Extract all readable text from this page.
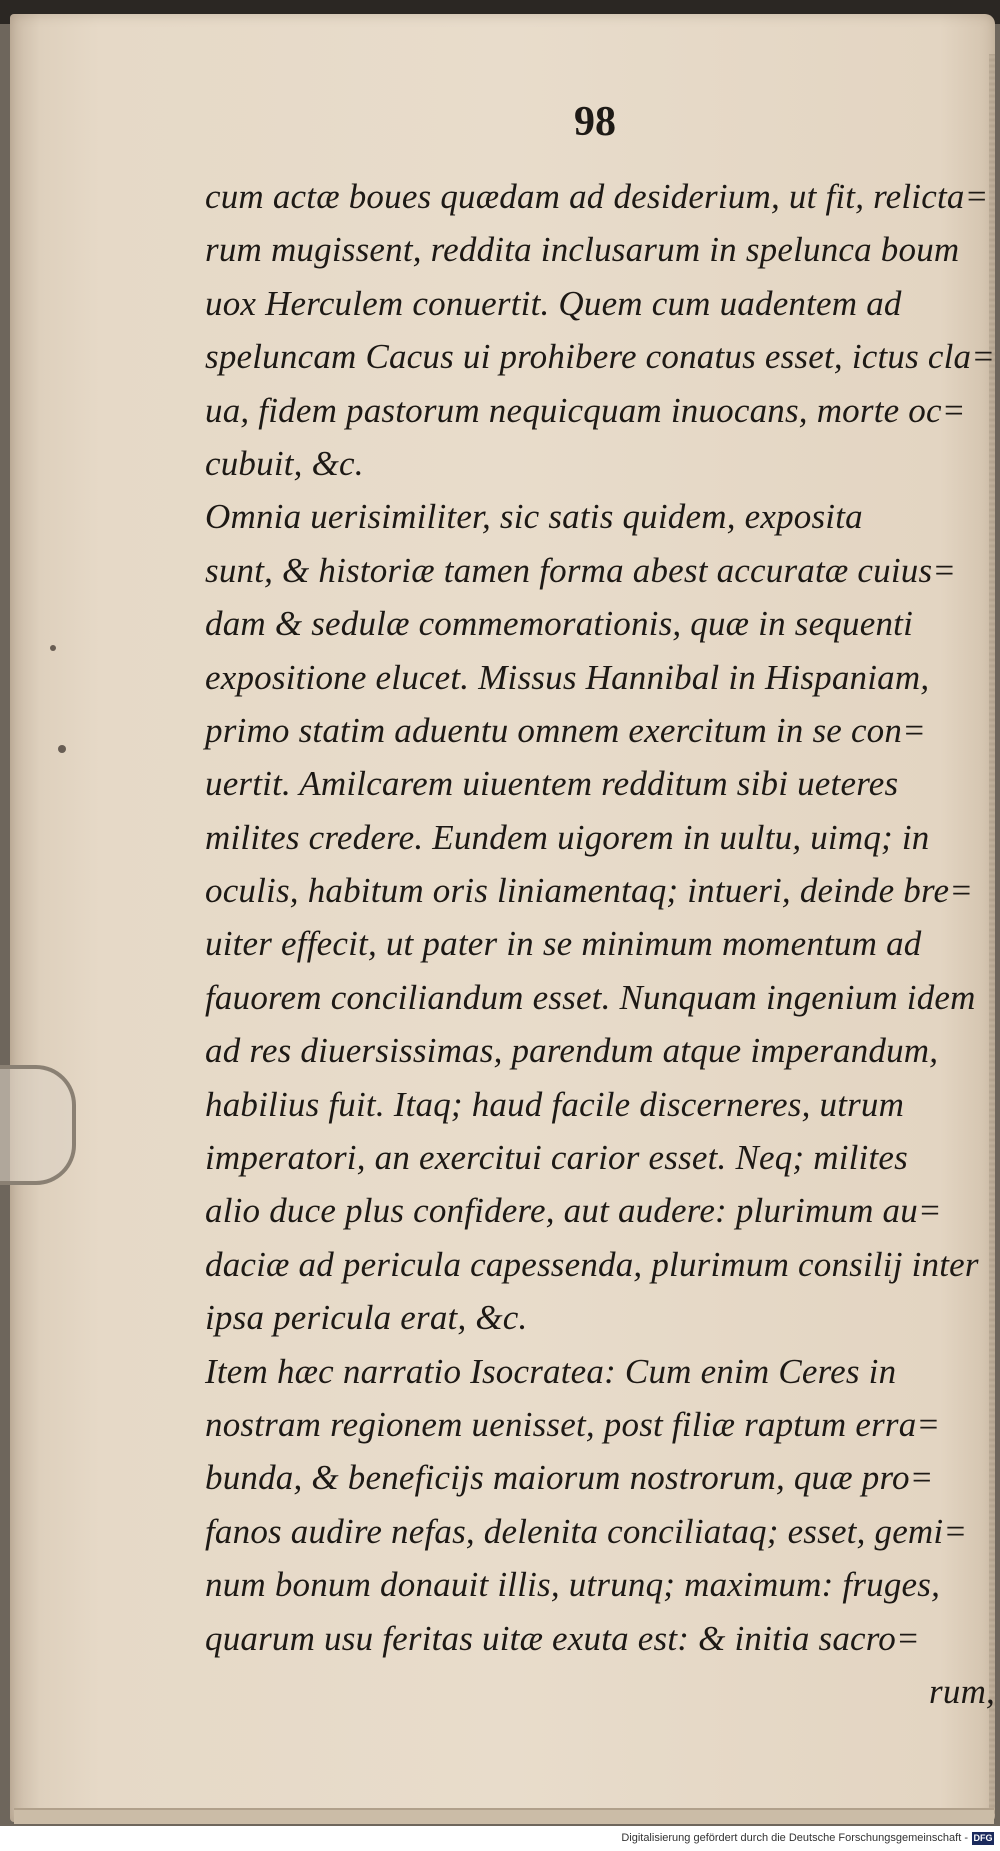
98
cum actæ boues quædam ad desiderium, ut fit, relicta=
rum mugissent, reddita inclusarum in spelunca boum
uox Herculem conuertit. Quem cum uadentem ad
speluncam Cacus ui prohibere conatus esset, ictus cla=
ua, fidem pastorum nequicquam inuocans, morte oc=
cubuit, &c.
Omnia uerisimiliter, sic satis quidem, exposita
sunt, & historiæ tamen forma abest accuratæ cuius=
dam & sedulæ commemorationis, quæ in sequenti
expositione elucet. Missus Hannibal in Hispaniam,
primo statim aduentu omnem exercitum in se con=
uertit. Amilcarem uiuentem redditum sibi ueteres
milites credere. Eundem uigorem in uultu, uimq; in
oculis, habitum oris liniamentaq; intueri, deinde bre=
uiter effecit, ut pater in se minimum momentum ad
fauorem conciliandum esset. Nunquam ingenium idem
ad res diuersissimas, parendum atque imperandum,
habilius fuit. Itaq; haud facile discerneres, utrum
imperatori, an exercitui carior esset. Neq; milites
alio duce plus confidere, aut audere: plurimum au=
daciæ ad pericula capessenda, plurimum consilij inter
ipsa pericula erat, &c.
Item hæc narratio Isocratea: Cum enim Ceres in
nostram regionem uenisset, post filiæ raptum erra=
bunda, & beneficijs maiorum nostrorum, quæ pro=
fanos audire nefas, delenita conciliataq; esset, gemi=
num bonum donauit illis, utrunq; maximum: fruges,
quarum usu feritas uitæ exuta est: & initia sacro=
rum,
Digitalisierung gefördert durch die Deutsche Forschungsgemeinschaft - DFG
